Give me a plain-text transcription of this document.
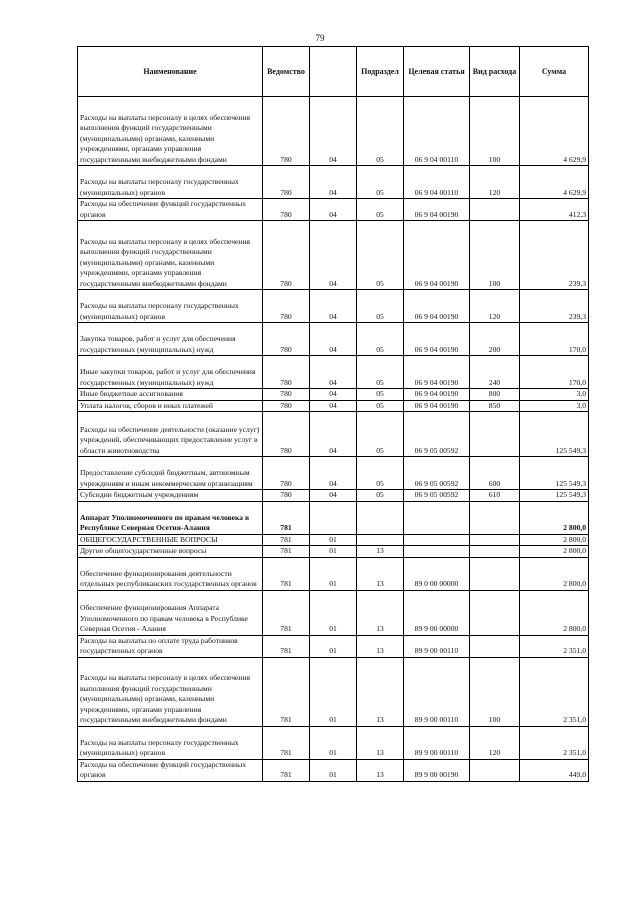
79
Наименование	Ведомство		Подраздел	Целевая статья	Вид расхода	Сумма
Расходы на выплаты персоналу в целях обеспечения выполнения функций государственными (муниципальными) органами, казенными учреждениями, органами управления государственными внебюджетными фондами	780	04	05	06 9 04 00110	100	4 629,9
Расходы на выплаты персоналу государственных (муниципальных) органов	780	04	05	06 9 04 00110	120	4 629,9
Расходы на обеспечение функций государственных органов	780	04	05	06 9 04 00190		412,3
Расходы на выплаты персоналу в целях обеспечения выполнения функций государственными (муниципальными) органами, казенными учреждениями, органами управления государственными внебюджетными фондами	780	04	05	06 9 04 00190	100	239,3
Расходы на выплаты персоналу государственных (муниципальных) органов	780	04	05	06 9 04 00190	120	239,3
Закупка товаров, работ и услуг для обеспечения государственных (муниципальных) нужд	780	04	05	06 9 04 00190	200	170,0
Иные закупки товаров, работ и услуг для обеспечения государственных (муниципальных) нужд	780	04	05	06 9 04 00190	240	170,0
Иные бюджетные ассигнования	780	04	05	06 9 04 00190	800	3,0
Уплата налогов, сборов и иных платежей	780	04	05	06 9 04 00190	850	3,0
Расходы на обеспечение деятельности (оказание услуг) учреждений, обеспечивающих предоставление услуг в области животноводства	780	04	05	06 9 05 00592		125 549,3
Предоставление субсидий бюджетным, автономным учреждениям и иным некоммерческим организациям	780	04	05	06 9 05 00592	600	125 549,3
Субсидии бюджетным учреждениям	780	04	05	06 9 05 00592	610	125 549,3
Аппарат Уполномоченного по правам человека в Республике Северная Осетия-Алания	781					2 800,0
ОБЩЕГОСУДАРСТВЕННЫЕ ВОПРОСЫ	781	01				2 800,0
Другие общегосударственные вопросы	781	01	13			2 800,0
Обеспечение функционирования деятельности отдельных республиканских государственных органов	781	01	13	89 0 00 00000		2 800,0
Обеспечение функционирования Аппарата Уполномоченного по правам человека в Республике Северная Осетия - Алания	781	01	13	89 9 00 00000		2 800,0
Расходы на выплаты по оплате труда работников государственных органов	781	01	13	89 9 00 00110		2 351,0
Расходы на выплаты персоналу в целях обеспечения выполнения функций государственными (муниципальными) органами, казенными учреждениями, органами управления государственными внебюджетными фондами	781	01	13	89 9 00 00110	100	2 351,0
Расходы на выплаты персоналу государственных (муниципальных) органов	781	01	13	89 9 00 00110	120	2 351,0
Расходы на обеспечение функций государственных органов	781	01	13	89 9 00 00190		449,0
